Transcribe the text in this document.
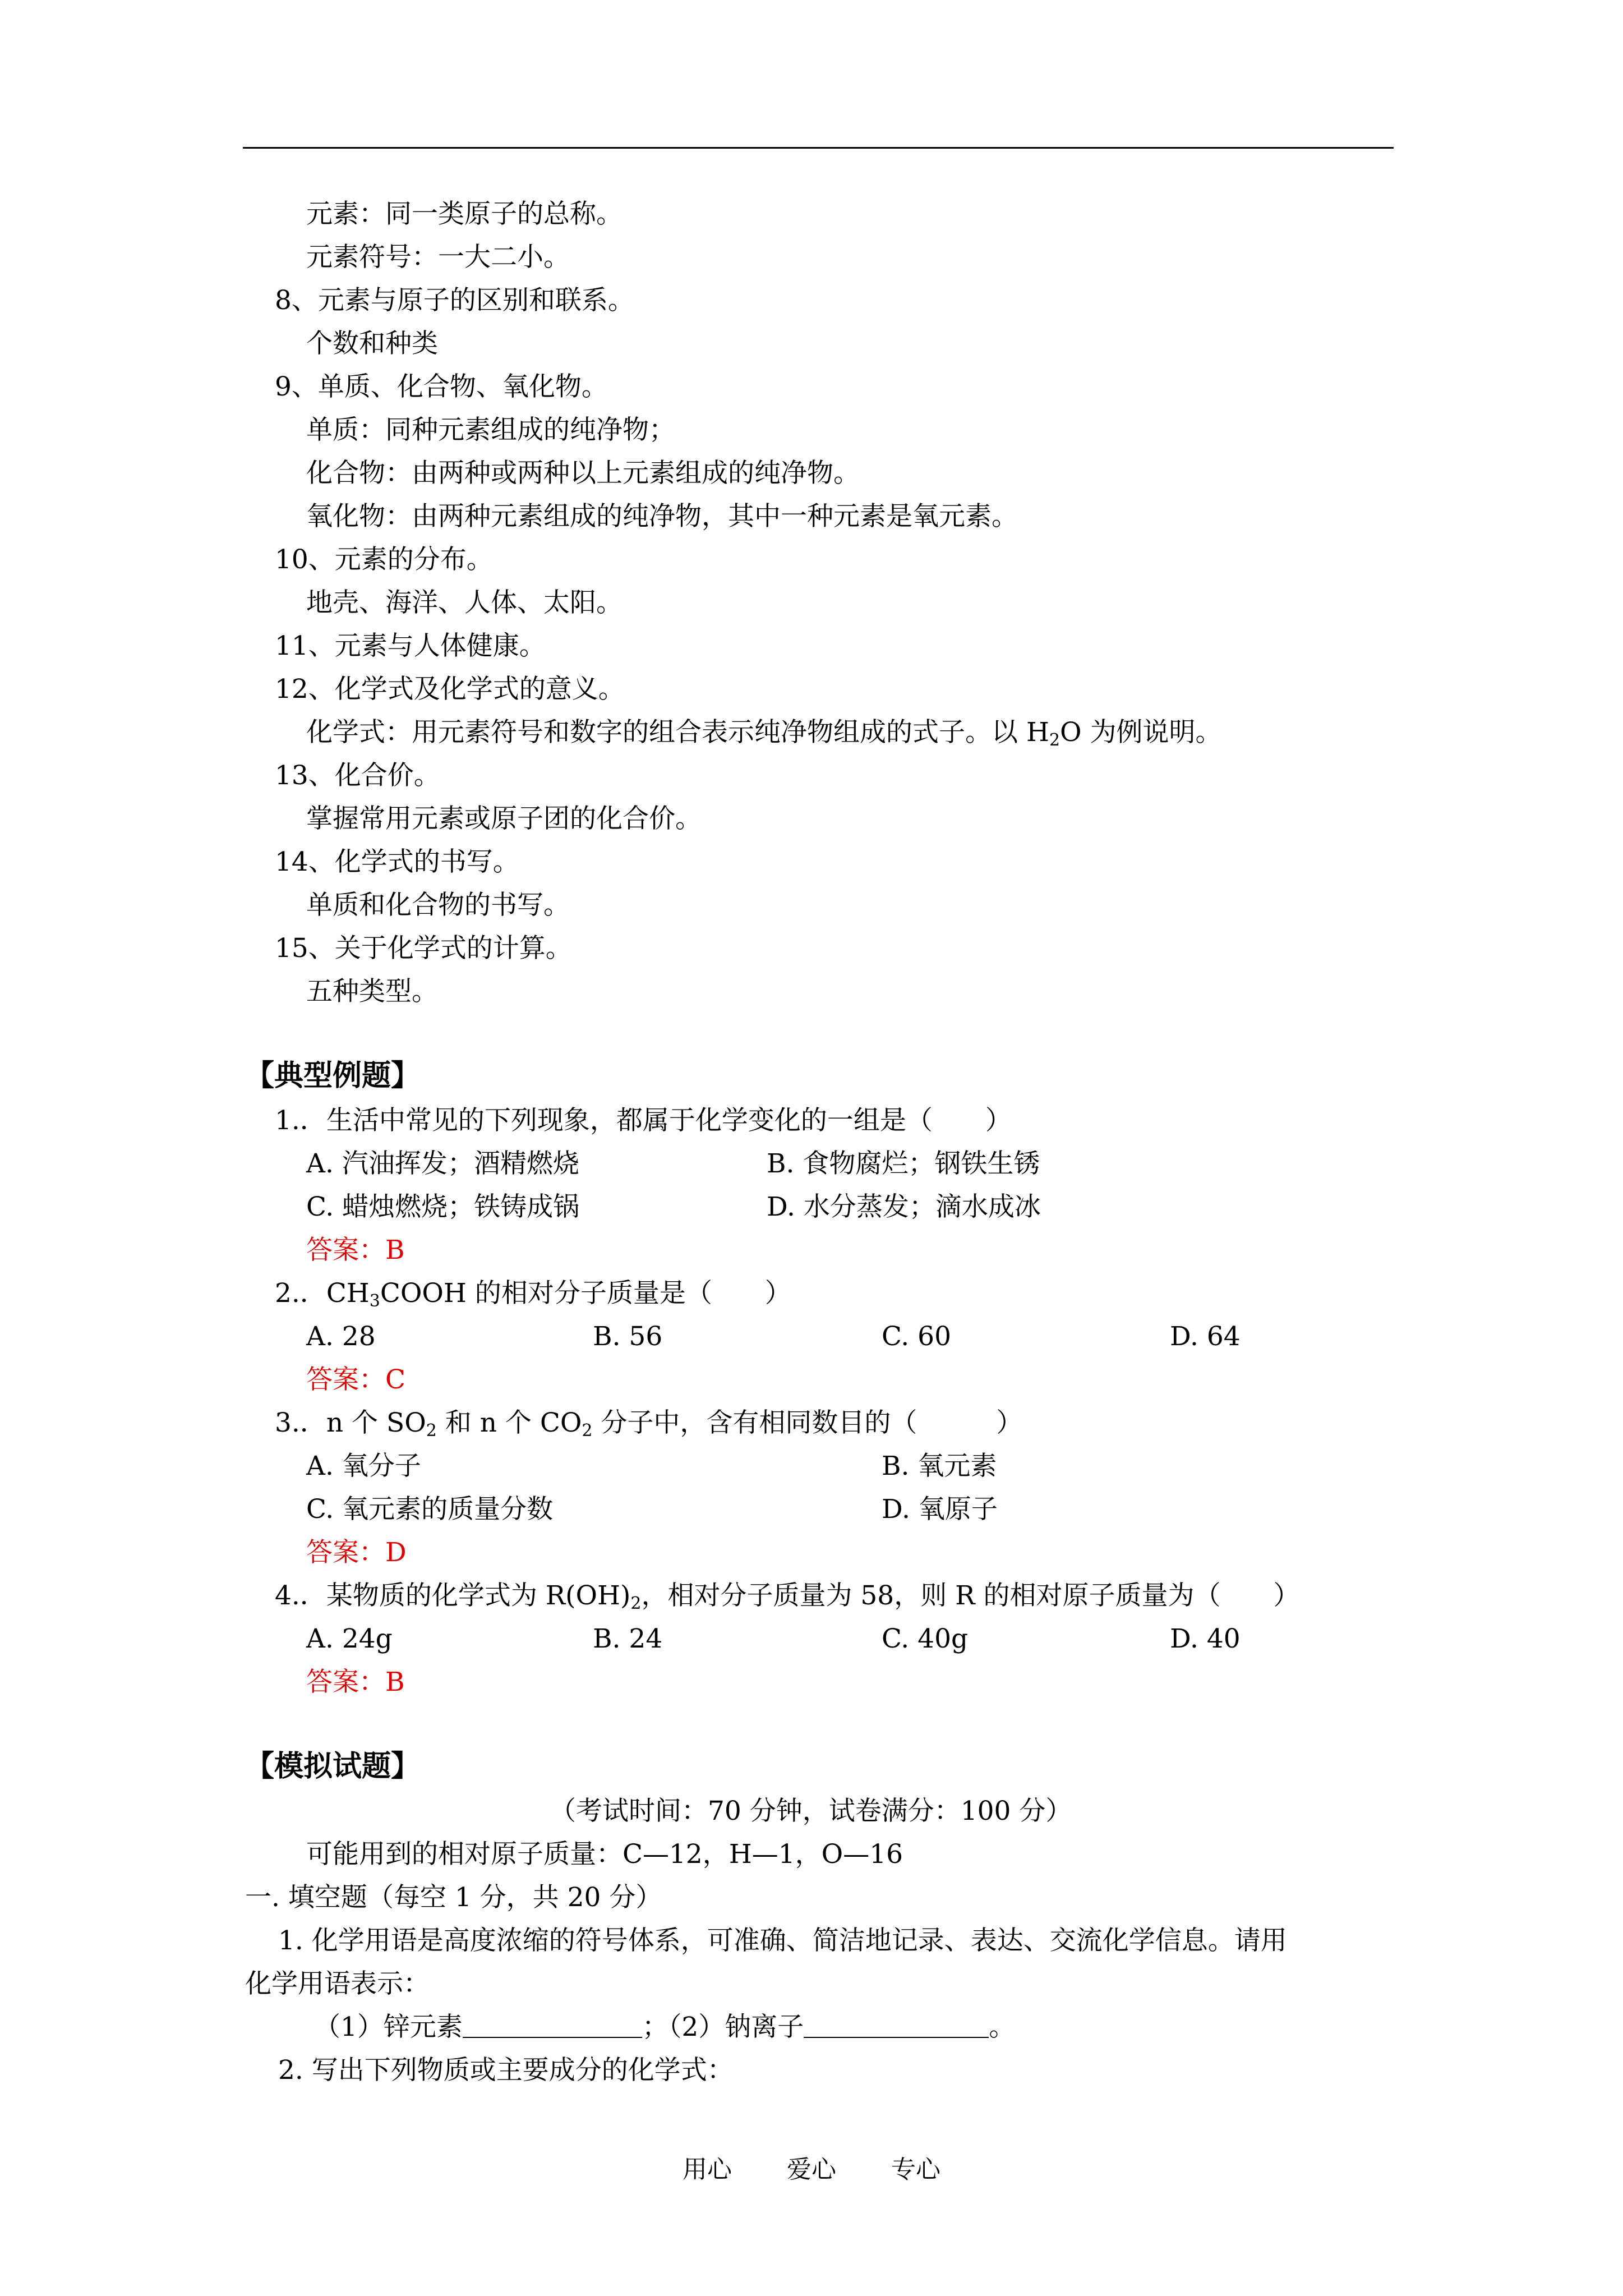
元素：同一类原子的总称。
元素符号：一大二小。
8、元素与原子的区别和联系。
个数和种类
9、单质、化合物、氧化物。
单质：同种元素组成的纯净物；
化合物：由两种或两种以上元素组成的纯净物。
氧化物：由两种元素组成的纯净物，其中一种元素是氧元素。
10、元素的分布。
地壳、海洋、人体、太阳。
11、元素与人体健康。
12、化学式及化学式的意义。
化学式：用元素符号和数字的组合表示纯净物组成的式子。以 $H_2O$ 为例说明。
13、化合价。
掌握常用元素或原子团的化合价。
14、化学式的书写。
单质和化合物的书写。
15、关于化学式的计算。
五种类型。
【典型例题】
1.．生活中常见的下列现象，都属于化学变化的一组是（　　）
A. 汽油挥发；酒精燃烧	B. 食物腐烂；钢铁生锈
C. 蜡烛燃烧；铁铸成锅	D. 水分蒸发；滴水成冰
答案：B
2.．$CH_3COOH$ 的相对分子质量是（　　）
A. 28	B. 56	C. 60	D. 64
答案：C
3.．n 个 $SO_2$ 和 n 个 $CO_2$ 分子中，含有相同数目的（　　　）
A. 氧分子	B. 氧元素
C. 氧元素的质量分数	D. 氧原子
答案：D
4.．某物质的化学式为 $R(OH)_2$，相对分子质量为 58，则 R 的相对原子质量为（　　）
A. 24g	B. 24	C. 40g	D. 40
答案：B
【模拟试题】
（考试时间：70 分钟，试卷满分：100 分）
可能用到的相对原子质量：C—12，H—1，O—16
一. 填空题（每空 1 分，共 20 分）
1. 化学用语是高度浓缩的符号体系，可准确、简洁地记录、表达、交流化学信息。请用
化学用语表示：
（1）锌元素	；（2）钠离子	。
2. 写出下列物质或主要成分的化学式：
用心 爱心 专心
